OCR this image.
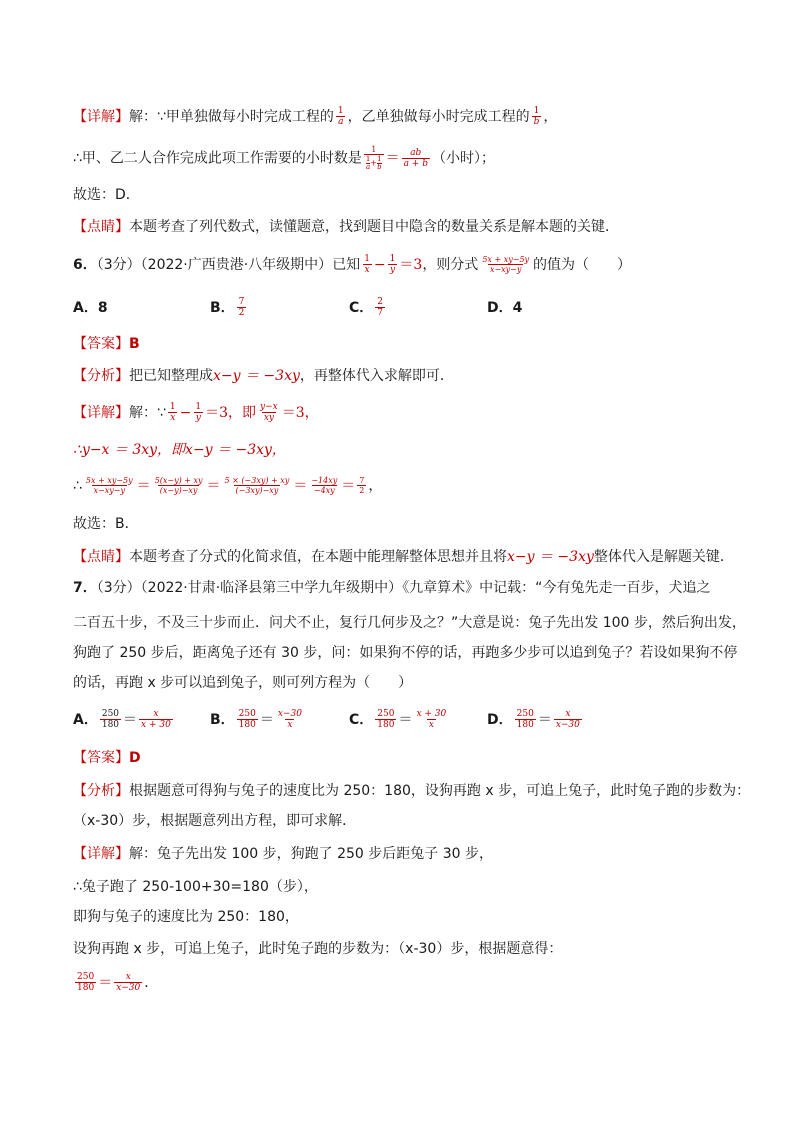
【详解】解：∵甲单独做每小时完成工程的 $\frac{1}{a}$ ，乙单独做每小时完成工程的 $\frac{1}{b}$ ，
∴甲、乙二人合作完成此项工作需要的小时数是 $\frac{1}{\frac{1}{a} + \frac{1}{b}} = \frac{ab}{a + b}$ （小时）；
故选：D．
【点睛】本题考查了列代数式，读懂题意，找到题目中隐含的数量关系是解本题的关键．
6．（3分）（2022·广西贵港·八年级期中）已知 $\frac{1}{x} - \frac{1}{y} =3$，则分式 $\frac{5x + xy-5y}{x-xy-y}$ 的值为（　　）
A．8	B． $\frac{7}{2}$	C． $\frac{2}{7}$	D．4
【答案】B
【分析】把已知整理成x−y ＝ −3xy，再整体代入求解即可．
【详解】解：∵ $\frac{1}{x} - \frac{1}{y} =3$，即 $\frac{y-x}{xy} =3$，
∴y−x ＝ 3xy，即x−y ＝ −3xy，
∴ $\frac{5x + xy-5y}{x-xy-y} = \frac{5(x-y) + xy}{(x-y)-xy} = \frac{5 \times (-3xy) + xy}{(-3xy)-xy} = \frac{-14xy}{-4xy} = \frac{7}{2}$ ，
故选：B．
【点睛】本题考查了分式的化简求值，在本题中能理解整体思想并且将x−y ＝ −3xy整体代入是解题关键．
7．（3分）（2022·甘肃·临泽县第三中学九年级期中）《九章算术》中记载：“今有兔先走一百步，犬追之
二百五十步，不及三十步而止．问犬不止，复行几何步及之？”大意是说：兔子先出发 100 步，然后狗出发，
狗跑了 250 步后，距离兔子还有 30 步，问：如果狗不停的话，再跑多少步可以追到兔子？若设如果狗不停
的话，再跑 x 步可以追到兔子，则可列方程为（　　）
A． $\frac{250}{180} = \frac{x}{x + 30}$	B． $\frac{250}{180} = \frac{x-30}{x}$	C． $\frac{250}{180} = \frac{x + 30}{x}$	D． $\frac{250}{180} = \frac{x}{x-30}$
【答案】D
【分析】根据题意可得狗与兔子的速度比为 250：180，设狗再跑 x 步，可追上兔子，此时兔子跑的步数为：
（x-30）步，根据题意列出方程，即可求解．
【详解】解：兔子先出发 100 步，狗跑了 250 步后距兔子 30 步，
∴兔子跑了 250-100+30=180（步），
即狗与兔子的速度比为 250：180，
设狗再跑 x 步，可追上兔子，此时兔子跑的步数为：（x-30）步，根据题意得：
$\frac{250}{180} = \frac{x}{x-30}$ ．
